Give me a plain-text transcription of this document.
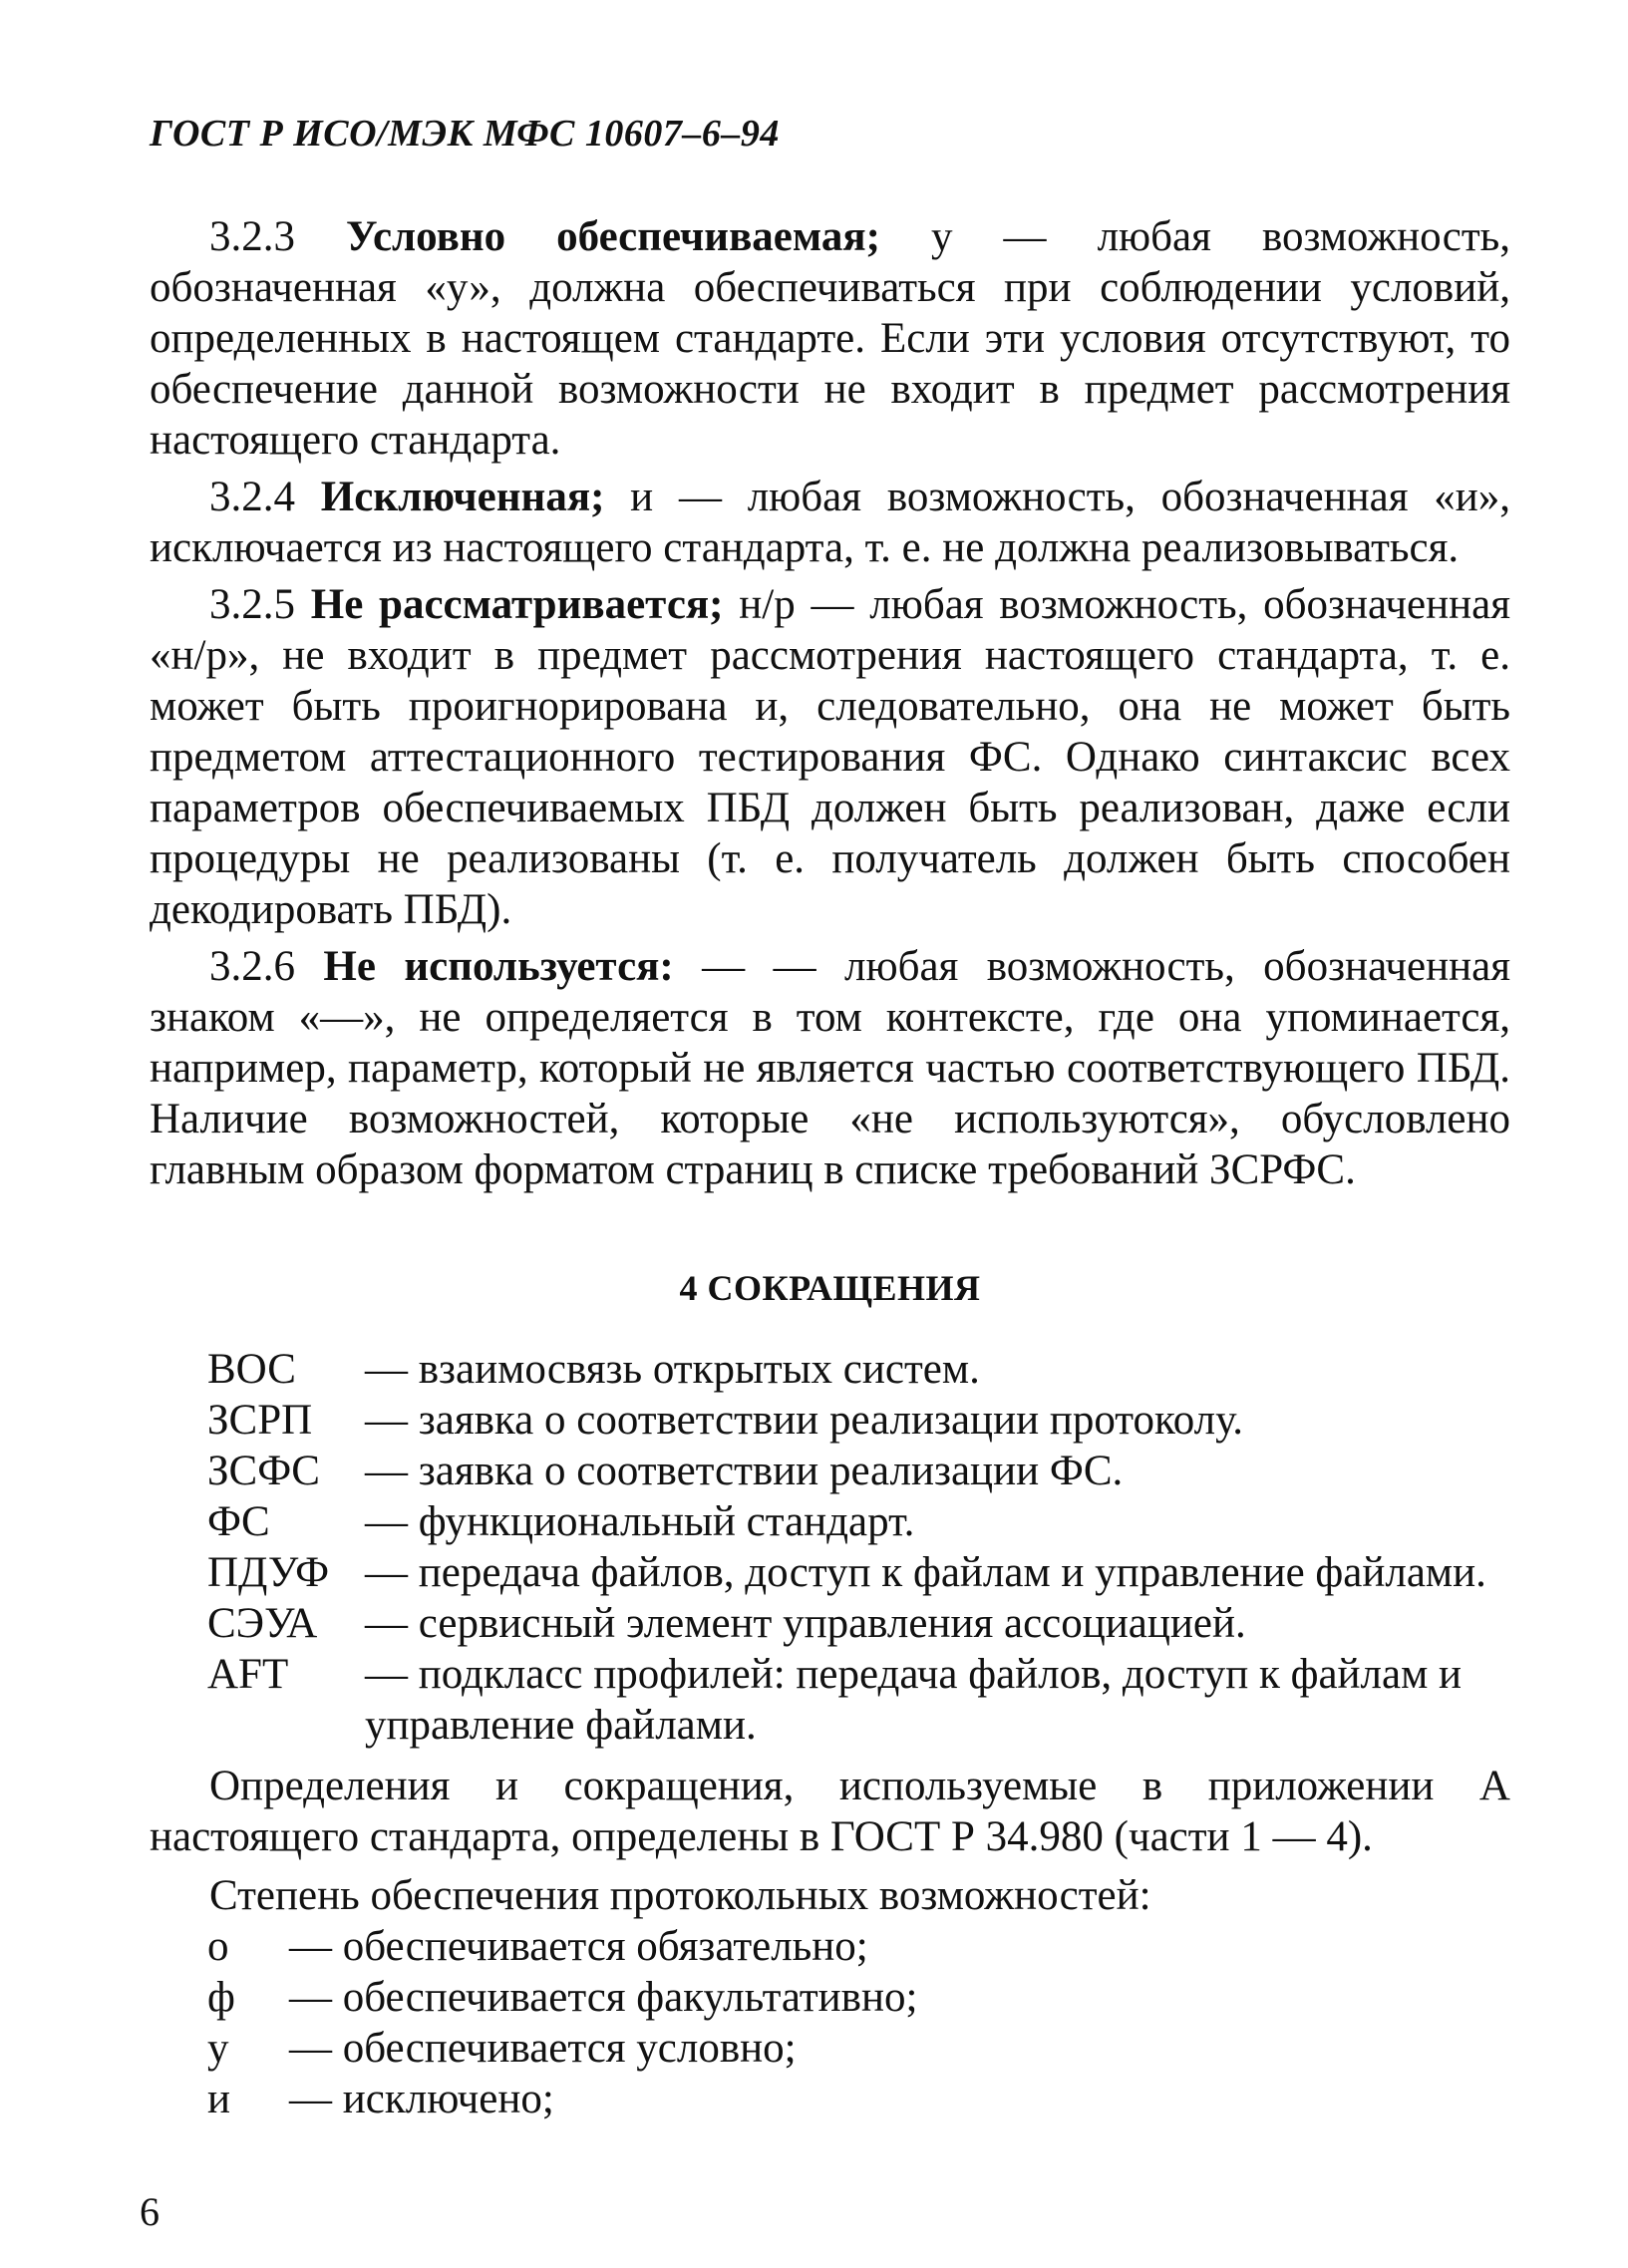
ГОСТ Р ИСО/МЭК МФС 10607–6–94

3.2.3 Условно обеспечиваемая; у — любая возможность, обозначенная «у», должна обеспечиваться при соблюдении условий, определенных в настоящем стандарте. Если эти условия отсутствуют, то обеспечение данной возможности не входит в предмет рассмотрения настоящего стандарта.

3.2.4 Исключенная; и — любая возможность, обозначенная «и», исключается из настоящего стандарта, т. е. не должна реализовываться.

3.2.5 Не рассматривается; н/р — любая возможность, обозначенная «н/р», не входит в предмет рассмотрения настоящего стандарта, т. е. может быть проигнорирована и, следовательно, она не может быть предметом аттестационного тестирования ФС. Однако синтаксис всех параметров обеспечиваемых ПБД должен быть реализован, даже если процедуры не реализованы (т. е. получатель должен быть способен декодировать ПБД).

3.2.6 Не используется: — — любая возможность, обозначенная знаком «—», не определяется в том контексте, где она упоминается, например, параметр, который не является частью соответствующего ПБД. Наличие возможностей, которые «не используются», обусловлено главным образом форматом страниц в списке требований ЗСРФС.

4 СОКРАЩЕНИЯ
ВОС	— взаимосвязь открытых систем.
ЗСРП	— заявка о соответствии реализации протоколу.
ЗСФС	— заявка о соответствии реализации ФС.
ФС	— функциональный стандарт.
ПДУФ — передача файлов, доступ к файлам и управление файлами.
СЭУА	— сервисный элемент управления ассоциацией.
AFT	— подкласс профилей: передача файлов, доступ к файлам и управление файлами.

Определения и сокращения, используемые в приложении А настоящего стандарта, определены в ГОСТ Р 34.980 (части 1 — 4).

Степень обеспечения протокольных возможностей:

о	— обеспечивается обязательно;
ф	— обеспечивается факультативно;
у	— обеспечивается условно;
и	— исключено;
6
